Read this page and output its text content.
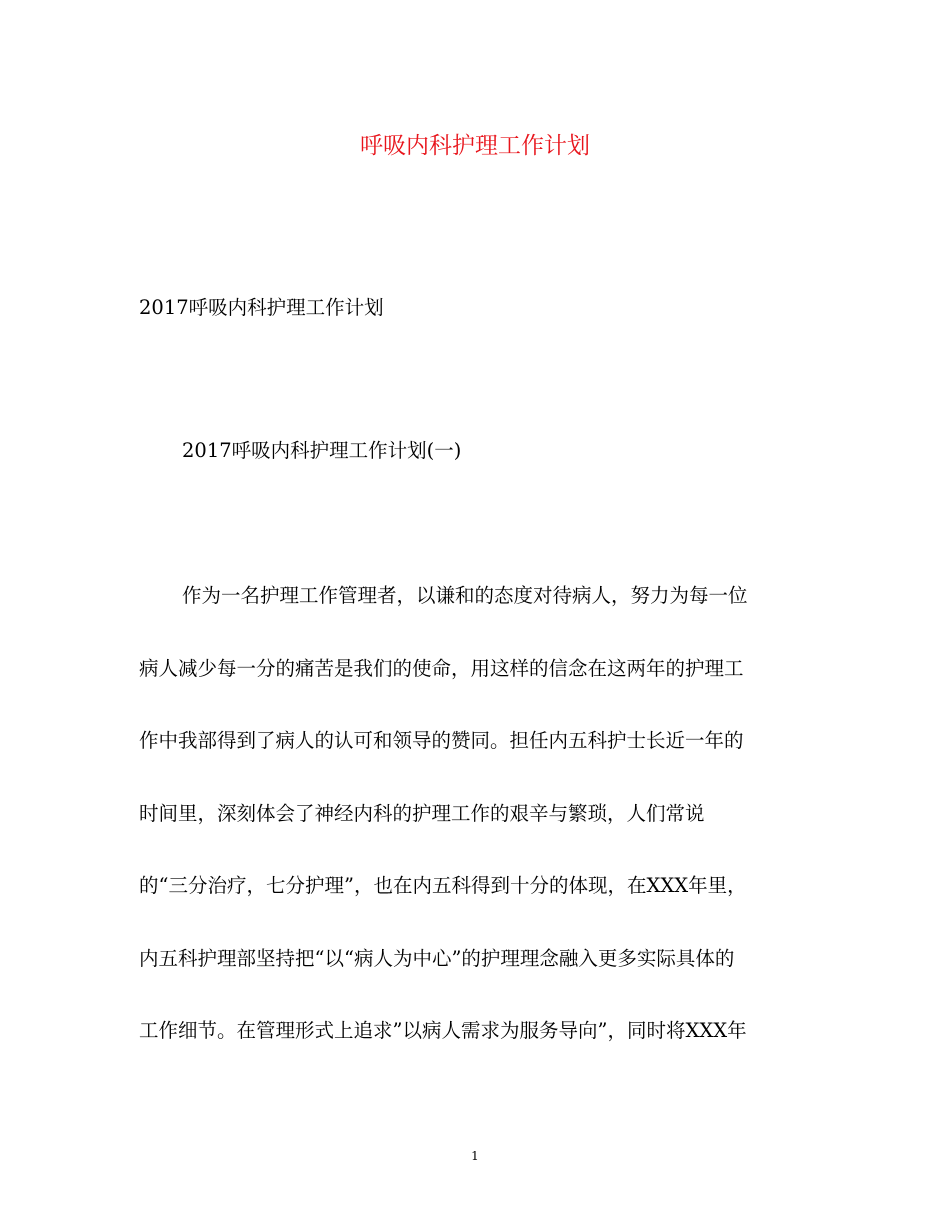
呼吸内科护理工作计划
2017呼吸内科护理工作计划
2017呼吸内科护理工作计划(一)
作为一名护理工作管理者，以谦和的态度对待病人，努力为每一位
病人减少每一分的痛苦是我们的使命，用这样的信念在这两年的护理工
作中我部得到了病人的认可和领导的赞同。担任内五科护士长近一年的
时间里，深刻体会了神经内科的护理工作的艰辛与繁琐，人们常说
的“三分治疗，七分护理”，也在内五科得到十分的体现，在XXX年里，
内五科护理部坚持把“以“病人为中心”的护理理念融入更多实际具体的
工作细节。在管理形式上追求”以病人需求为服务导向”，同时将XXX年
1
